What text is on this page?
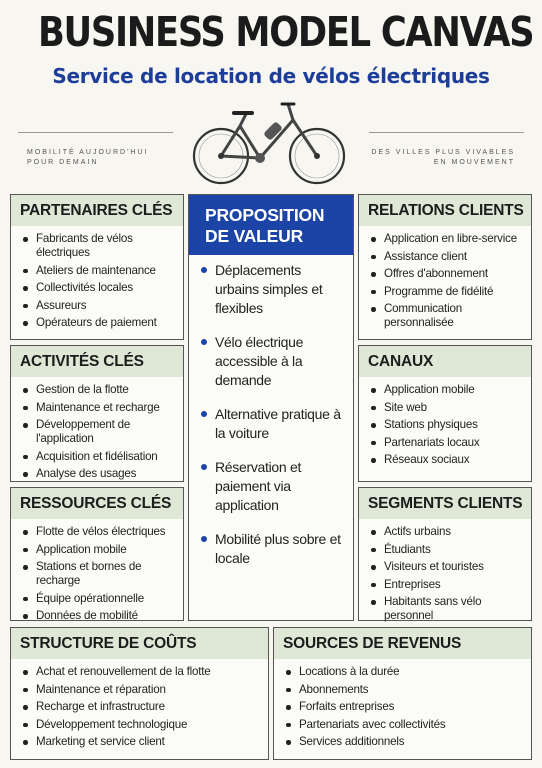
BUSINESS MODEL CANVAS
Service de location de vélos électriques
MOBILITÉ AUJOURD'HUI
POUR DEMAIN
DES VILLES PLUS VIVABLES
EN MOUVEMENT
PARTENAIRES CLÉS
Fabricants de vélos électriques
Ateliers de maintenance
Collectivités locales
Assureurs
Opérateurs de paiement
ACTIVITÉS CLÉS
Gestion de la flotte
Maintenance et recharge
Développement de l'application
Acquisition et fidélisation
Analyse des usages
RESSOURCES CLÉS
Flotte de vélos électriques
Application mobile
Stations et bornes de recharge
Équipe opérationnelle
Données de mobilité
PROPOSITION
DE VALEUR
Déplacements urbains simples et flexibles
Vélo électrique accessible à la demande
Alternative pratique à la voiture
Réservation et paiement via application
Mobilité plus sobre et locale
RELATIONS CLIENTS
Application en libre-service
Assistance client
Offres d'abonnement
Programme de fidélité
Communication personnalisée
CANAUX
Application mobile
Site web
Stations physiques
Partenariats locaux
Réseaux sociaux
SEGMENTS CLIENTS
Actifs urbains
Étudiants
Visiteurs et touristes
Entreprises
Habitants sans vélo personnel
STRUCTURE DE COÛTS
Achat et renouvellement de la flotte
Maintenance et réparation
Recharge et infrastructure
Développement technologique
Marketing et service client
SOURCES DE REVENUS
Locations à la durée
Abonnements
Forfaits entreprises
Partenariats avec collectivités
Services additionnels
